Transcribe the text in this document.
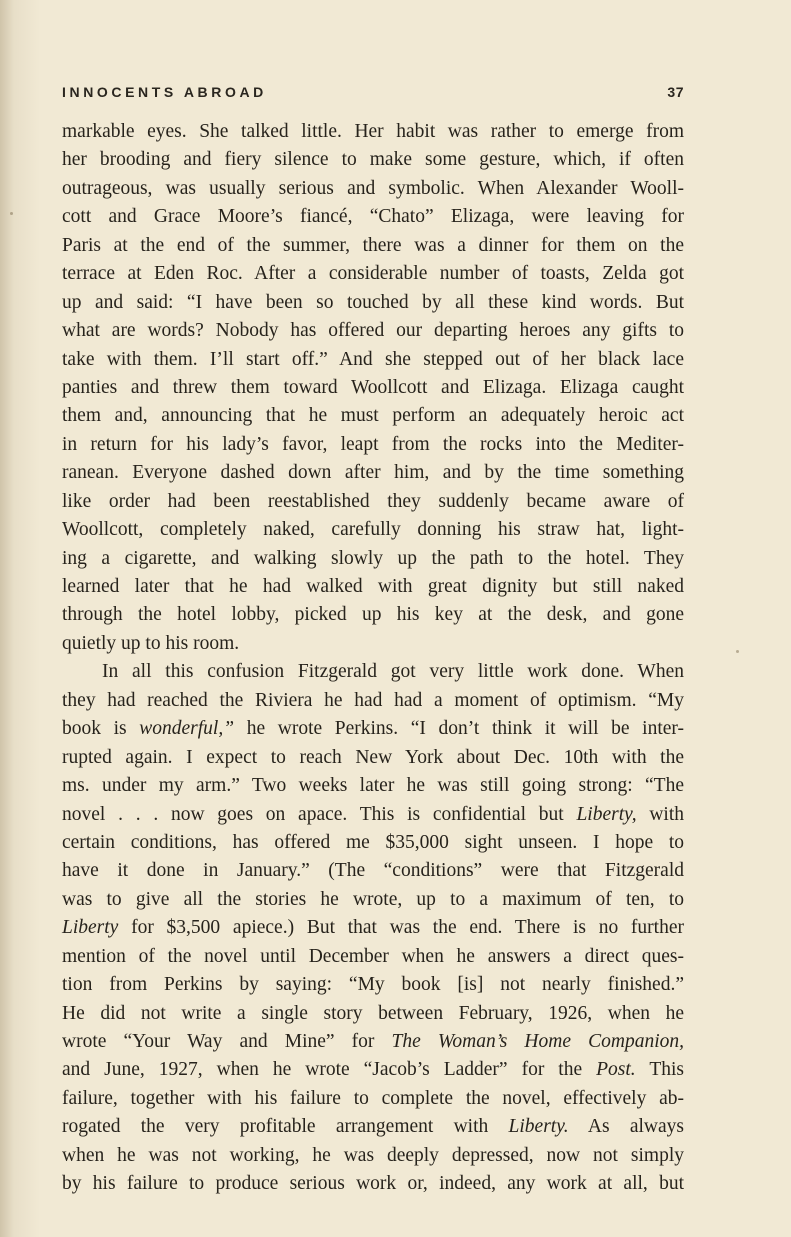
INNOCENTS ABROAD	37
markable eyes. She talked little. Her habit was rather to emerge from
her brooding and fiery silence to make some gesture, which, if often
outrageous, was usually serious and symbolic. When Alexander Wooll-
cott and Grace Moore’s fiancé, “Chato” Elizaga, were leaving for
Paris at the end of the summer, there was a dinner for them on the
terrace at Eden Roc. After a considerable number of toasts, Zelda got
up and said: “I have been so touched by all these kind words. But
what are words? Nobody has offered our departing heroes any gifts to
take with them. I’ll start off.” And she stepped out of her black lace
panties and threw them toward Woollcott and Elizaga. Elizaga caught
them and, announcing that he must perform an adequately heroic act
in return for his lady’s favor, leapt from the rocks into the Mediter-
ranean. Everyone dashed down after him, and by the time something
like order had been reestablished they suddenly became aware of
Woollcott, completely naked, carefully donning his straw hat, light-
ing a cigarette, and walking slowly up the path to the hotel. They
learned later that he had walked with great dignity but still naked
through the hotel lobby, picked up his key at the desk, and gone
quietly up to his room.
In all this confusion Fitzgerald got very little work done. When
they had reached the Riviera he had had a moment of optimism. “My
book is wonderful,” he wrote Perkins. “I don’t think it will be inter-
rupted again. I expect to reach New York about Dec. 10th with the
ms. under my arm.” Two weeks later he was still going strong: “The
novel . . . now goes on apace. This is confidential but Liberty, with
certain conditions, has offered me $35,000 sight unseen. I hope to
have it done in January.” (The “conditions” were that Fitzgerald
was to give all the stories he wrote, up to a maximum of ten, to
Liberty for $3,500 apiece.) But that was the end. There is no further
mention of the novel until December when he answers a direct ques-
tion from Perkins by saying: “My book [is] not nearly finished.”
He did not write a single story between February, 1926, when he
wrote “Your Way and Mine” for The Woman’s Home Companion,
and June, 1927, when he wrote “Jacob’s Ladder” for the Post. This
failure, together with his failure to complete the novel, effectively ab-
rogated the very profitable arrangement with Liberty. As always
when he was not working, he was deeply depressed, now not simply
by his failure to produce serious work or, indeed, any work at all, but
